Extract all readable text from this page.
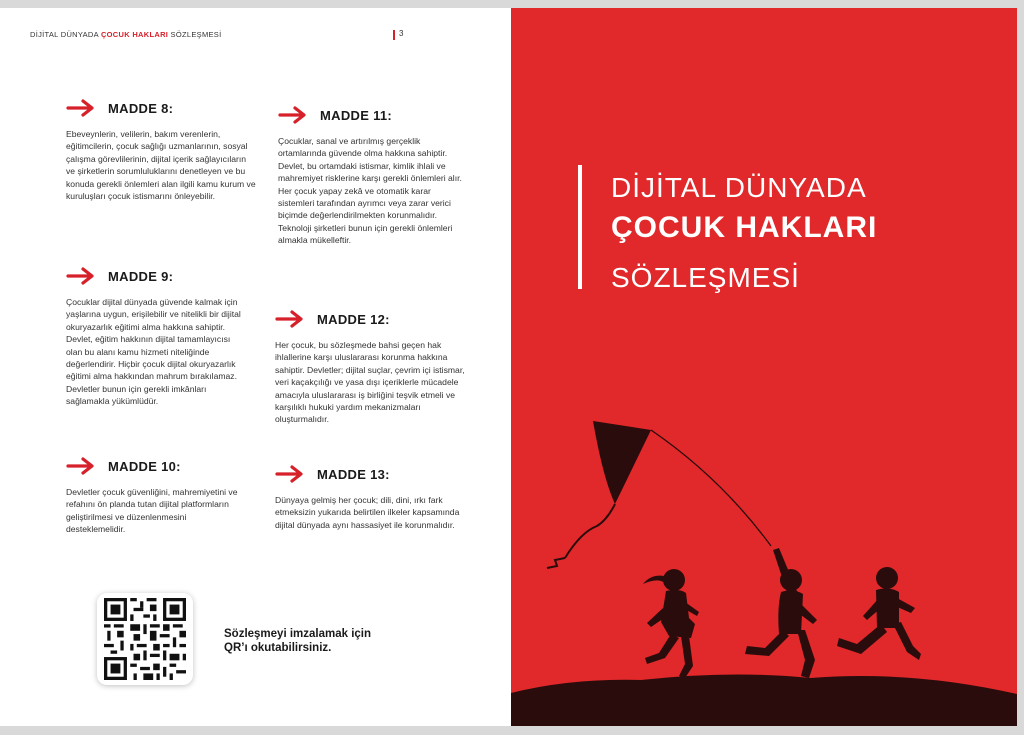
DİJİTAL DÜNYADA ÇOCUK HAKLARI SÖZLEŞMESİ	3
MADDE 8:

Ebeveynlerin, velilerin, bakım verenlerin, eğitimcilerin, çocuk sağlığı uzmanlarının, sosyal çalışma görevlilerinin, dijital içerik sağlayıcıların ve şirketlerin sorumluluklarını denetleyen ve bu konuda gerekli önlemleri alan ilgili kamu kurum ve kuruluşları çocuk istismarını önleyebilir.

MADDE 9:

Çocuklar dijital dünyada güvende kalmak için yaşlarına uygun, erişilebilir ve nitelikli bir dijital okuryazarlık eğitimi alma hakkına sahiptir. Devlet, eğitim hakkının dijital tamamlayıcısı olan bu alanı kamu hizmeti niteliğinde değerlendirir. Hiçbir çocuk dijital okuryazarlık eğitimi alma hakkından mahrum bırakılamaz. Devletler bunun için gerekli imkânları sağlamakla yükümlüdür.

MADDE 10:

Devletler çocuk güvenliğini, mahremiyetini ve refahını ön planda tutan dijital platformların geliştirilmesi ve düzenlenmesini desteklemelidir.

MADDE 11:

Çocuklar, sanal ve artırılmış gerçeklik ortamlarında güvende olma hakkına sahiptir. Devlet, bu ortamdaki istismar, kimlik ihlali ve mahremiyet risklerine karşı gerekli önlemleri alır. Her çocuk yapay zekâ ve otomatik karar sistemleri tarafından ayrımcı veya zarar verici biçimde değerlendirilmekten korunmalıdır. Teknoloji şirketleri bunun için gerekli önlemleri almakla mükelleftir.

MADDE 12:

Her çocuk, bu sözleşmede bahsi geçen hak ihlallerine karşı uluslararası korunma hakkına sahiptir. Devletler; dijital suçlar, çevrim içi istismar, veri kaçakçılığı ve yasa dışı içeriklerle mücadele amacıyla uluslararası iş birliğini teşvik etmeli ve karşılıklı hukuki yardım mekanizmaları oluşturmalıdır.

MADDE 13:

Dünyaya gelmiş her çocuk; dili, dini, ırkı fark etmeksizin yukarıda belirtilen ilkeler kapsamında dijital dünyada aynı hassasiyet ile korunmalıdır.

Sözleşmeyi imzalamak için QR’ı okutabilirsiniz.
DİJİTAL DÜNYADA
ÇOCUK HAKLARI
SÖZLEŞMESİ
